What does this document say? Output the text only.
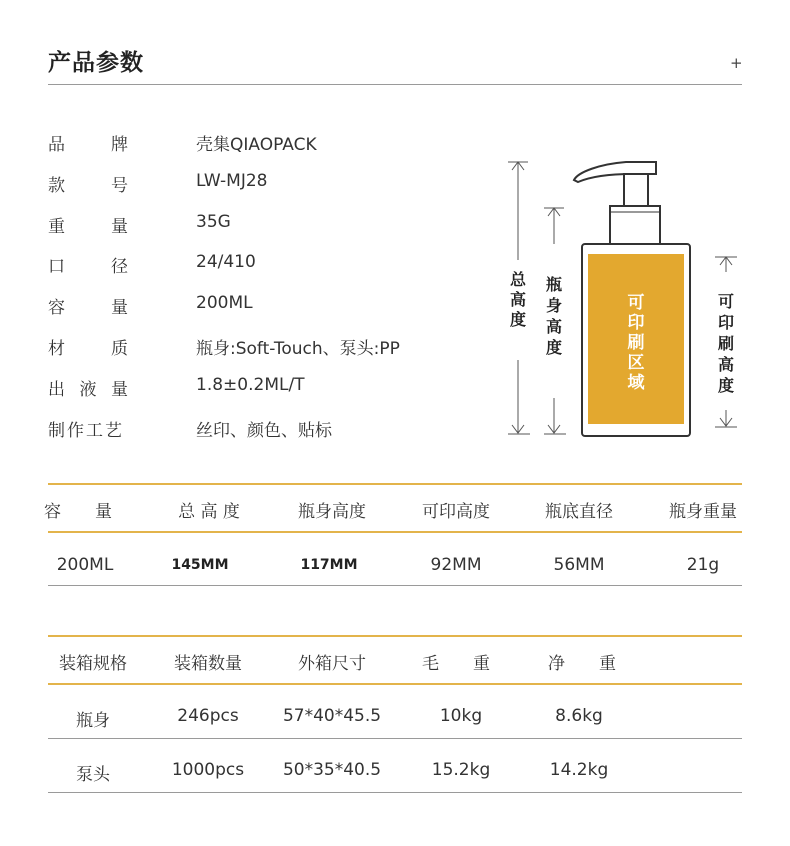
产品参数	+
品	牌	壳集QIAOPACK
款	号	LW-MJ28
重	量	35G
口	径	24/410
容	量	200ML
材	质	瓶身:Soft-Touch、泵头:PP
出 液 量	1.8±0.2ML/T
制 作 工 艺	丝印、颜色、贴标
总高度
瓶身高度
可印刷区域
可印刷高度
容　　量	总 高 度	瓶身高度	可印高度	瓶底直径	瓶身重量
200ML	145MM	117MM	92MM	56MM	21g
装箱规格	装箱数量	外箱尺寸	毛　　重	净　　重
瓶身	246pcs	57*40*45.5	10kg	8.6kg
泵头	1000pcs	50*35*40.5	15.2kg	14.2kg
